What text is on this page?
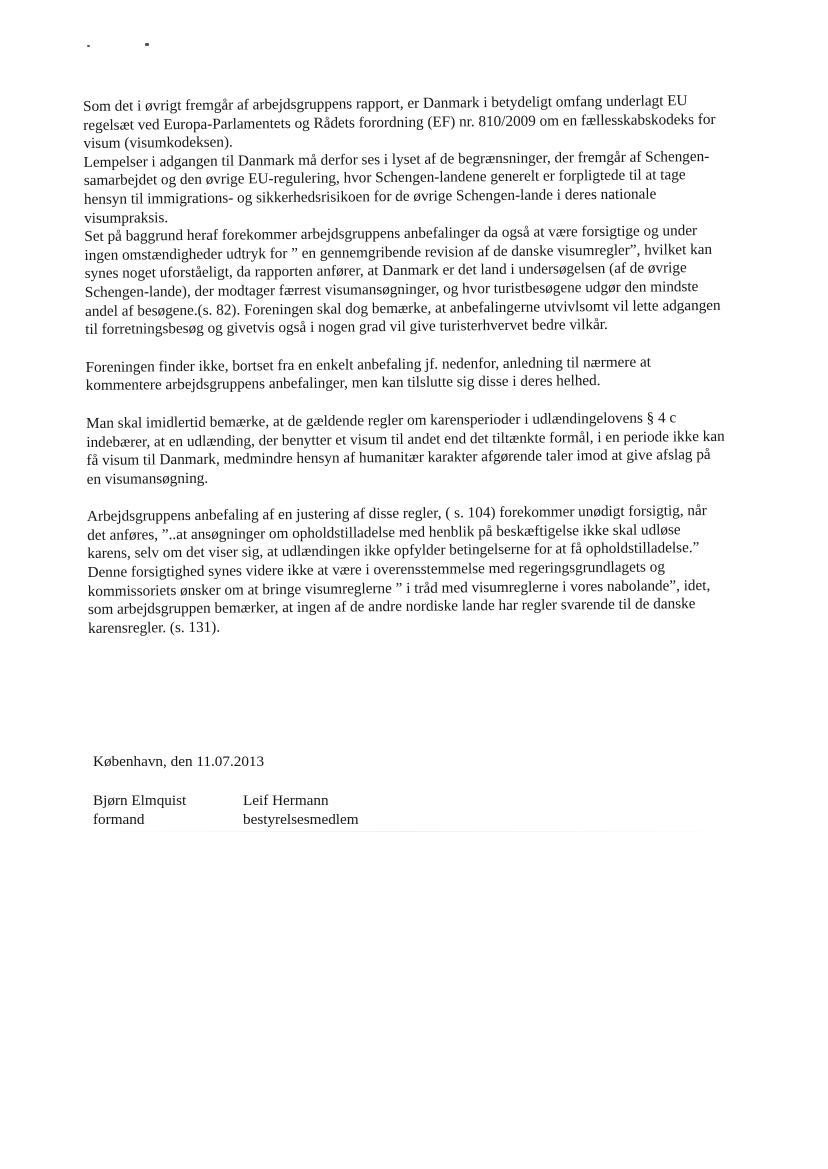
Som det i øvrigt fremgår af arbejdsgruppens rapport, er Danmark i betydeligt omfang underlagt EU regelsæt ved Europa-Parlamentets og Rådets forordning (EF) nr. 810/2009 om en fællesskabskodeks for visum (visumkodeksen).

Lempelser i adgangen til Danmark må derfor ses i lyset af de begrænsninger, der fremgår af Schengen-samarbejdet og den øvrige EU-regulering, hvor Schengen-landene generelt er forpligtede til at tage hensyn til immigrations- og sikkerhedsrisikoen for de øvrige Schengen-lande i deres nationale visumpraksis.

Set på baggrund heraf forekommer arbejdsgruppens anbefalinger da også at være forsigtige og under ingen omstændigheder udtryk for ” en gennemgribende revision af de danske visumregler”, hvilket kan synes noget uforståeligt, da rapporten anfører, at Danmark er det land i undersøgelsen (af de øvrige Schengen-lande), der modtager færrest visumansøgninger, og hvor turistbesøgene udgør den mindste andel af besøgene.(s. 82). Foreningen skal dog bemærke, at anbefalingerne utvivlsomt vil lette adgangen til forretningsbesøg og givetvis også i nogen grad vil give turisterhvervet bedre vilkår.

Foreningen finder ikke, bortset fra en enkelt anbefaling jf. nedenfor, anledning til nærmere at kommentere arbejdsgruppens anbefalinger, men kan tilslutte sig disse i deres helhed.

Man skal imidlertid bemærke, at de gældende regler om karensperioder i udlændingelovens § 4 c indebærer, at en udlænding, der benytter et visum til andet end det tiltænkte formål, i en periode ikke kan få visum til Danmark, medmindre hensyn af humanitær karakter afgørende taler imod at give afslag på en visumansøgning.

Arbejdsgruppens anbefaling af en justering af disse regler, ( s. 104) forekommer unødigt forsigtig, når det anføres, ”..at ansøgninger om opholdstilladelse med henblik på beskæftigelse ikke skal udløse karens, selv om det viser sig, at udlændingen ikke opfylder betingelserne for at få opholdstilladelse.”

Denne forsigtighed synes videre ikke at være i overensstemmelse med regeringsgrundlagets og kommissoriets ønsker om at bringe visumreglerne ” i tråd med visumreglerne i vores nabolande”, idet, som arbejdsgruppen bemærker, at ingen af de andre nordiske lande har regler svarende til de danske karensregler. (s. 131).

København, den 11.07.2013

Bjørn Elmquist
formand
Leif Hermann
bestyrelsesmedlem
